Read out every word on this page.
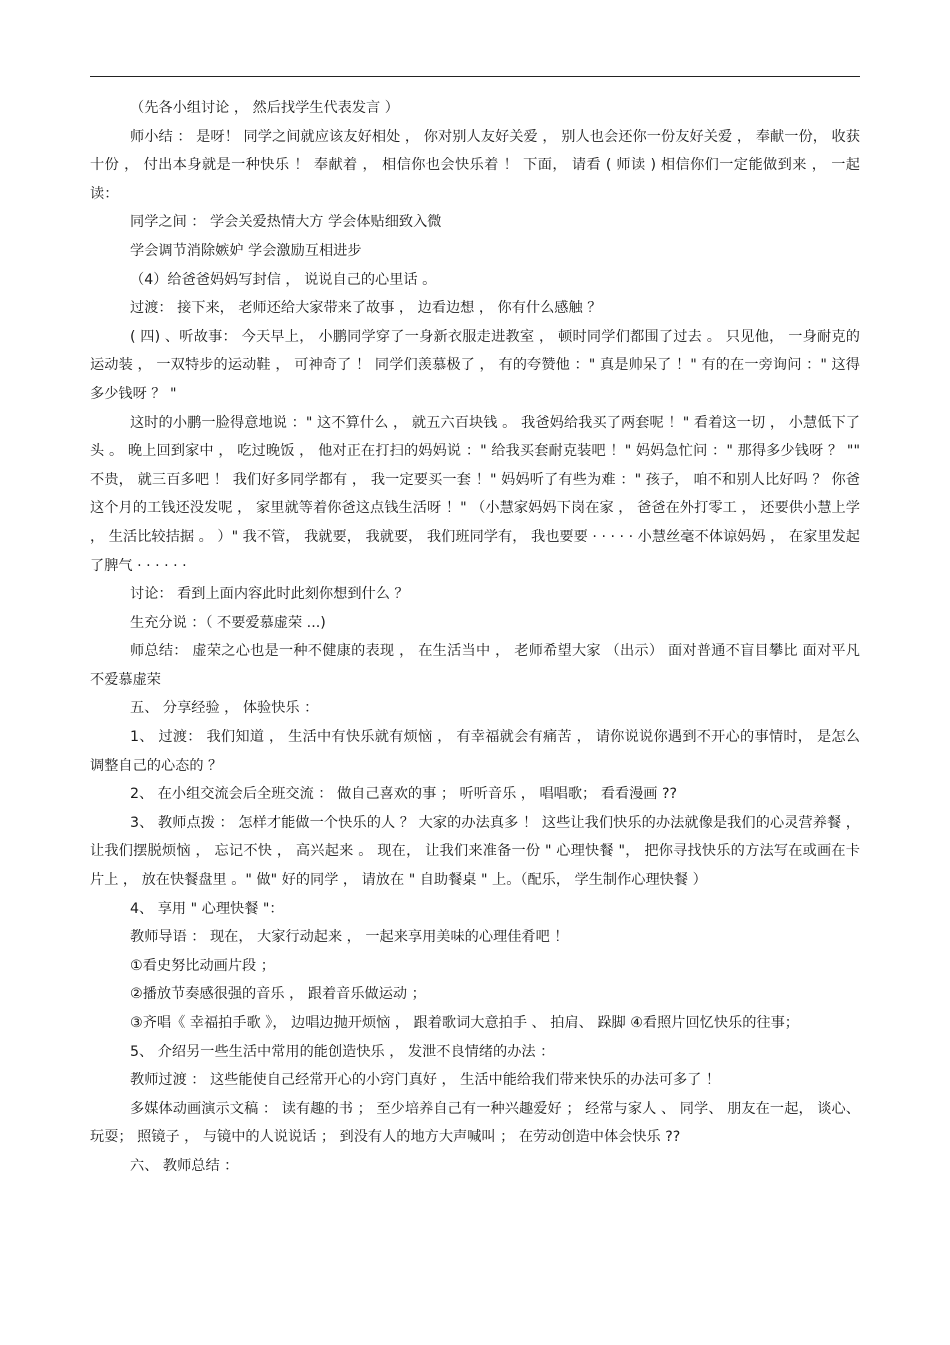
（先各小组讨论 ， 然后找学生代表发言 ）

师小结 ： 是呀！ 同学之间就应该友好相处 ， 你对别人友好关爱 ， 别人也会还你一份友好关爱 ， 奉献一份， 收获十份 ， 付出本身就是一种快乐 ！ 奉献着 ， 相信你也会快乐着 ！ 下面， 请看 ( 师读 ) 相信你们一定能做到来 ， 一起读：

同学之间 ： 学会关爱热情大方 学会体贴细致入微

学会调节消除嫉妒 学会激励互相进步

（4）给爸爸妈妈写封信 ， 说说自己的心里话 。

过渡： 接下来， 老师还给大家带来了故事 ， 边看边想 ， 你有什么感触 ？

( 四) 、听故事： 今天早上， 小鹏同学穿了一身新衣服走进教室 ， 顿时同学们都围了过去 。 只见他， 一身耐克的运动装 ， 一双特步的运动鞋 ， 可神奇了 ！ 同学们羡慕极了 ， 有的夸赞他 ：" 真是帅呆了 ！" 有的在一旁询问 ：" 这得多少钱呀 ？ "

这时的小鹏一脸得意地说 ：" 这不算什么 ， 就五六百块钱 。 我爸妈给我买了两套呢 ！" 看着这一切 ， 小慧低下了头 。 晚上回到家中 ， 吃过晚饭 ， 他对正在打扫的妈妈说 ：" 给我买套耐克装吧 ！" 妈妈急忙问 ：" 那得多少钱呀 ？ "" 不贵， 就三百多吧 ！ 我们好多同学都有 ， 我一定要买一套 ！" 妈妈听了有些为难 ：" 孩子， 咱不和别人比好吗 ？ 你爸这个月的工钱还没发呢 ， 家里就等着你爸这点钱生活呀 ！" （小慧家妈妈下岗在家 ， 爸爸在外打零工 ， 还要供小慧上学 ， 生活比较拮据 。 ）" 我不管， 我就要， 我就要， 我们班同学有， 我也要要 · · · · · 小慧丝毫不体谅妈妈 ， 在家里发起了脾气 · · · · · ·

讨论： 看到上面内容此时此刻你想到什么 ？

生充分说 ：（ 不要爱慕虚荣 ...)

师总结： 虚荣之心也是一种不健康的表现 ， 在生活当中 ， 老师希望大家 （出示） 面对普通不盲目攀比 面对平凡不爱慕虚荣

五、 分享经验 ， 体验快乐 ：

1、 过渡： 我们知道 ， 生活中有快乐就有烦恼 ， 有幸福就会有痛苦 ， 请你说说你遇到不开心的事情时， 是怎么调整自己的心态的 ？

2、 在小组交流会后全班交流 ： 做自己喜欢的事 ； 听听音乐 ， 唱唱歌； 看看漫画 ??

3、 教师点拨 ： 怎样才能做一个快乐的人 ？ 大家的办法真多 ！ 这些让我们快乐的办法就像是我们的心灵营养餐 ， 让我们摆脱烦恼 ， 忘记不快 ， 高兴起来 。 现在， 让我们来准备一份 " 心理快餐 "， 把你寻找快乐的方法写在或画在卡片上 ， 放在快餐盘里 。" 做" 好的同学 ， 请放在 " 自助餐桌 " 上。（配乐， 学生制作心理快餐 ）

4、 享用 " 心理快餐 "：

教师导语 ： 现在， 大家行动起来 ， 一起来享用美味的心理佳肴吧 ！

①看史努比动画片段 ；

②播放节奏感很强的音乐 ， 跟着音乐做运动 ；

③齐唱《 幸福拍手歌 》， 边唱边抛开烦恼 ， 跟着歌词大意拍手 、 拍肩、 跺脚 ④看照片回忆快乐的往事；

5、 介绍另一些生活中常用的能创造快乐 ， 发泄不良情绪的办法 ：

教师过渡 ： 这些能使自己经常开心的小窍门真好 ， 生活中能给我们带来快乐的办法可多了 ！

多媒体动画演示文稿 ： 读有趣的书 ； 至少培养自己有一种兴趣爱好 ； 经常与家人 、 同学、 朋友在一起， 谈心、 玩耍； 照镜子 ， 与镜中的人说说话 ； 到没有人的地方大声喊叫 ； 在劳动创造中体会快乐 ??

六、 教师总结 ：
